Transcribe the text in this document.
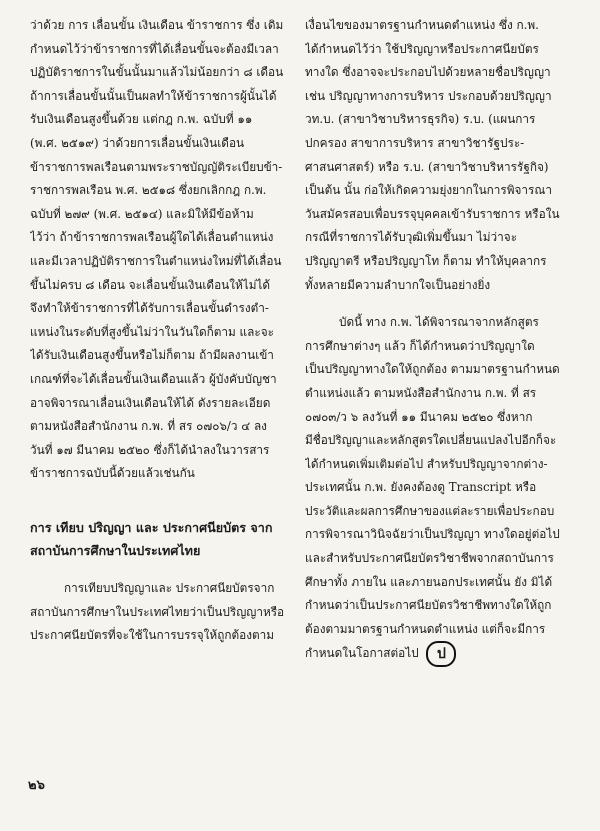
ว่าด้วย การ เลื่อนขั้น เงินเดือน ข้าราชการ ซึ่ง เดิม
กำหนดไว้ว่าข้าราชการที่ได้เลื่อนขั้นจะต้องมีเวลา
ปฏิบัติราชการในขั้นนั้นมาแล้วไม่น้อยกว่า ๘ เดือน
ถ้าการเลื่อนขั้นนั้นเป็นผลทำให้ข้าราชการผู้นั้นได้
รับเงินเดือนสูงขึ้นด้วย แต่กฎ ก.พ. ฉบับที่ ๑๑
(พ.ศ. ๒๕๑๙) ว่าด้วยการเลื่อนขั้นเงินเดือน
ข้าราชการพลเรือนตามพระราชบัญญัติระเบียบข้า-
ราชการพลเรือน พ.ศ. ๒๕๑๘ ซึ่งยกเลิกกฎ ก.พ.
ฉบับที่ ๒๗๙ (พ.ศ. ๒๕๑๔) และมิให้มีข้อห้าม
ไว้ว่า ถ้าข้าราชการพลเรือนผู้ใดได้เลื่อนตำแหน่ง
และมีเวลาปฏิบัติราชการในตำแหน่งใหม่ที่ได้เลื่อน
ขึ้นไม่ครบ ๘ เดือน จะเลื่อนขั้นเงินเดือนให้ไม่ได้
จึงทำให้ข้าราชการที่ได้รับการเลื่อนขั้นดำรงตำ-
แหน่งในระดับที่สูงขึ้นไม่ว่าในวันใดก็ตาม และจะ
ได้รับเงินเดือนสูงขึ้นหรือไม่ก็ตาม ถ้ามีผลงานเข้า
เกณฑ์ที่จะได้เลื่อนขั้นเงินเดือนแล้ว ผู้บังคับบัญชา
อาจพิจารณาเลื่อนเงินเดือนให้ได้ ดังรายละเอียด
ตามหนังสือสำนักงาน ก.พ. ที่ สร ๐๗๐๖/ว ๔ ลง
วันที่ ๑๗ มีนาคม ๒๕๒๐ ซึ่งก็ได้นำลงในวารสาร
ข้าราชการฉบับนี้ด้วยแล้วเช่นกัน

การ เทียบ ปริญญา และ ประกาศนียบัตร จาก
สถาบันการศึกษาในประเทศไทย

การเทียบปริญญาและ ประกาศนียบัตรจาก
สถาบันการศึกษาในประเทศไทยว่าเป็นปริญญาหรือ
ประกาศนียบัตรที่จะใช้ในการบรรจุให้ถูกต้องตาม

เงื่อนไขของมาตรฐานกำหนดตำแหน่ง ซึ่ง ก.พ.
ได้กำหนดไว้ว่า ใช้ปริญญาหรือประกาศนียบัตร
ทางใด ซึ่งอาจจะประกอบไปด้วยหลายชื่อปริญญา
เช่น ปริญญาทางการบริหาร ประกอบด้วยปริญญา
วท.บ. (สาขาวิชาบริหารธุรกิจ) ร.บ. (แผนการ
ปกครอง สาขาการบริหาร สาขาวิชารัฐประ-
ศาสนศาสตร์) หรือ ร.บ. (สาขาวิชาบริหารรัฐกิจ)
เป็นต้น นั้น ก่อให้เกิดความยุ่งยากในการพิจารณา
วันสมัครสอบเพื่อบรรจุบุคคลเข้ารับราชการ หรือใน
กรณีที่ราชการได้รับวุฒิเพิ่มขึ้นมา ไม่ว่าจะ
ปริญญาตรี หรือปริญญาโท ก็ตาม ทำให้บุคลากร
ทั้งหลายมีความลำบากใจเป็นอย่างยิ่ง

บัดนี้ ทาง ก.พ. ได้พิจารณาจากหลักสูตร
การศึกษาต่างๆ แล้ว ก็ได้กำหนดว่าปริญญาใด
เป็นปริญญาทางใดให้ถูกต้อง ตามมาตรฐานกำหนด
ตำแหน่งแล้ว ตามหนังสือสำนักงาน ก.พ. ที่ สร
๐๗๐๓/ว ๖ ลงวันที่ ๑๑ มีนาคม ๒๕๒๐ ซึ่งหาก
มีชื่อปริญญาและหลักสูตรใดเปลี่ยนแปลงไปอีกก็จะ
ได้กำหนดเพิ่มเติมต่อไป สำหรับปริญญาจากต่าง-
ประเทศนั้น ก.พ. ยังคงต้องดู Transcript หรือ
ประวัติและผลการศึกษาของแต่ละรายเพื่อประกอบ
การพิจารณาวินิจฉัยว่าเป็นปริญญา ทางใดอยู่ต่อไป
และสำหรับประกาศนียบัตรวิชาชีพจากสถาบันการ
ศึกษาทั้ง ภายใน และภายนอกประเทศนั้น ยัง มิได้
กำหนดว่าเป็นประกาศนียบัตรวิชาชีพทางใดให้ถูก
ต้องตามมาตรฐานกำหนดตำแหน่ง แต่ก็จะมีการ
กำหนดในโอกาสต่อไป ป

๒๖
